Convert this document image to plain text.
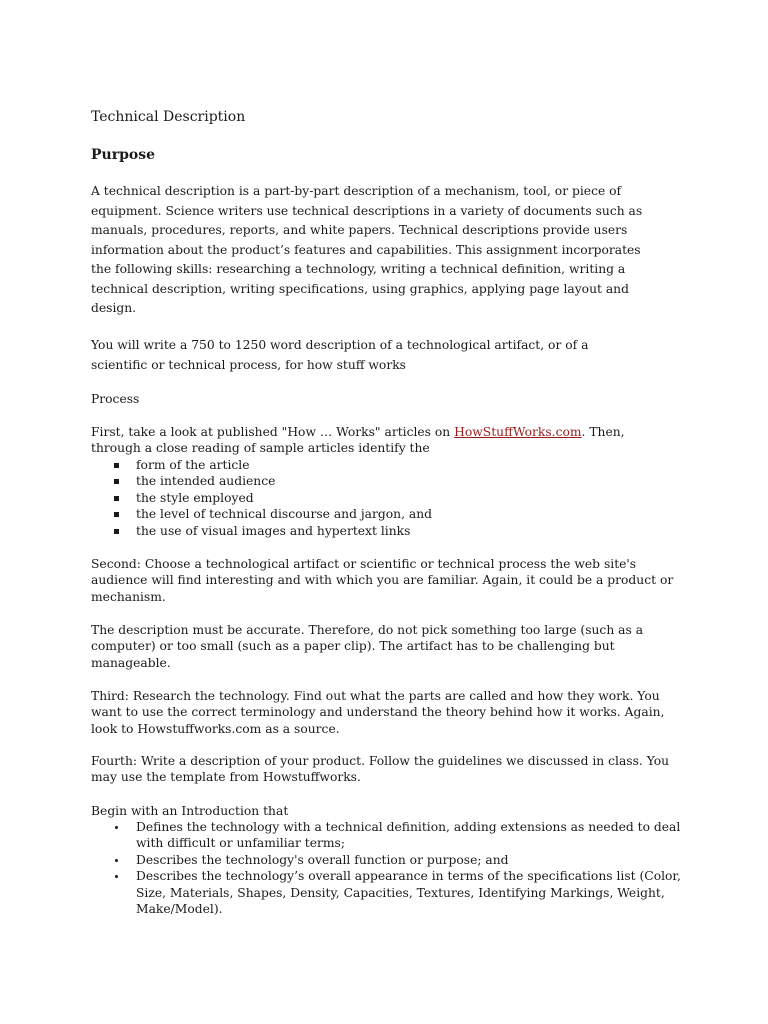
Technical Description
Purpose
A technical description is a part-by-part description of a mechanism, tool, or piece of
equipment. Science writers use technical descriptions in a variety of documents such as
manuals, procedures, reports, and white papers. Technical descriptions provide users
information about the product’s features and capabilities. This assignment incorporates
the following skills: researching a technology, writing a technical definition, writing a
technical description, writing specifications, using graphics, applying page layout and
design.
You will write a 750 to 1250 word description of a technological artifact, or of a
scientific or technical process, for how stuff works
Process
First, take a look at published "How … Works" articles on HowStuffWorks.com. Then,
through a close reading of sample articles identify the
form of the article
the intended audience
the style employed
the level of technical discourse and jargon, and
the use of visual images and hypertext links
Second: Choose a technological artifact or scientific or technical process the web site's
audience will find interesting and with which you are familiar. Again, it could be a product or
mechanism.
The description must be accurate. Therefore, do not pick something too large (such as a
computer) or too small (such as a paper clip). The artifact has to be challenging but
manageable.
Third: Research the technology. Find out what the parts are called and how they work. You
want to use the correct terminology and understand the theory behind how it works. Again,
look to Howstuffworks.com as a source.
Fourth: Write a description of your product. Follow the guidelines we discussed in class. You
may use the template from Howstuffworks.
Begin with an Introduction that
Defines the technology with a technical definition, adding extensions as needed to deal
with difficult or unfamiliar terms;
Describes the technology's overall function or purpose; and
Describes the technology’s overall appearance in terms of the specifications list (Color,
Size, Materials, Shapes, Density, Capacities, Textures, Identifying Markings, Weight,
Make/Model).
